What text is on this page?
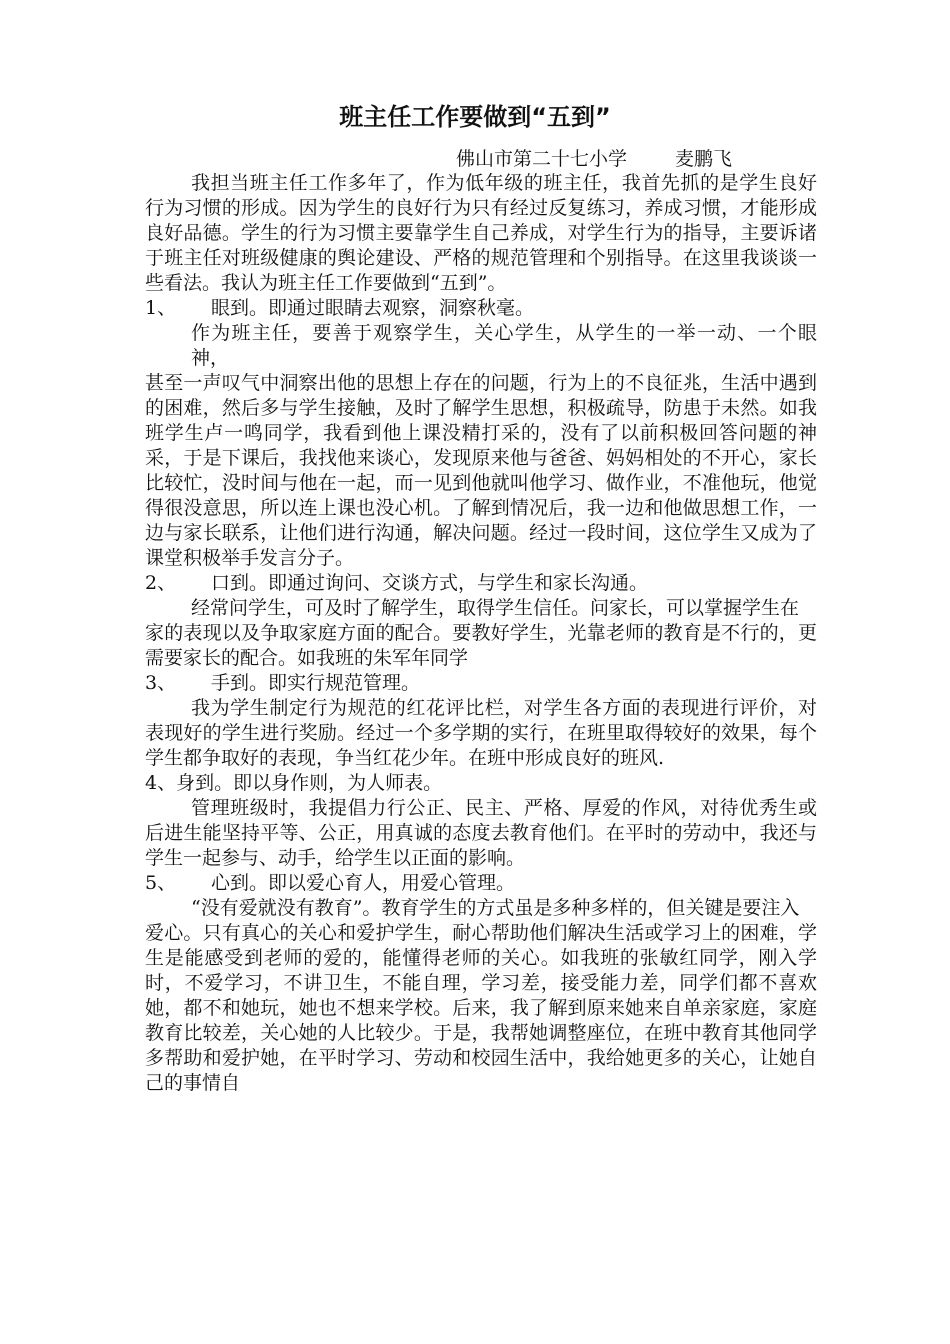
班主任工作要做到“五到”
佛山市第二十七小学	麦鹏飞

我担当班主任工作多年了，作为低年级的班主任，我首先抓的是学生良好行为习惯的形成。因为学生的良好行为只有经过反复练习，养成习惯，才能形成良好品德。学生的行为习惯主要靠学生自己养成，对学生行为的指导，主要诉诸于班主任对班级健康的舆论建设、严格的规范管理和个别指导。在这里我谈谈一些看法。我认为班主任工作要做到“五到”。

1、 眼到。即通过眼睛去观察，洞察秋毫。

作为班主任，要善于观察学生，关心学生，从学生的一举一动、一个眼神，

甚至一声叹气中洞察出他的思想上存在的问题，行为上的不良征兆，生活中遇到的困难，然后多与学生接触，及时了解学生思想，积极疏导，防患于未然。如我班学生卢一鸣同学，我看到他上课没精打采的，没有了以前积极回答问题的神采，于是下课后，我找他来谈心，发现原来他与爸爸、妈妈相处的不开心，家长比较忙，没时间与他在一起，而一见到他就叫他学习、做作业，不准他玩，他觉得很没意思，所以连上课也没心机。了解到情况后，我一边和他做思想工作，一边与家长联系，让他们进行沟通，解决问题。经过一段时间，这位学生又成为了课堂积极举手发言分子。

2、 口到。即通过询问、交谈方式，与学生和家长沟通。

经常问学生，可及时了解学生，取得学生信任。问家长，可以掌握学生在

家的表现以及争取家庭方面的配合。要教好学生，光靠老师的教育是不行的，更需要家长的配合。如我班的朱军年同学

3、 手到。即实行规范管理。

我为学生制定行为规范的红花评比栏，对学生各方面的表现进行评价，对表现好的学生进行奖励。经过一个多学期的实行，在班里取得较好的效果，每个学生都争取好的表现，争当红花少年。在班中形成良好的班风.

4、身到。即以身作则，为人师表。

管理班级时，我提倡力行公正、民主、严格、厚爱的作风，对待优秀生或后进生能坚持平等、公正，用真诚的态度去教育他们。在平时的劳动中，我还与学生一起参与、动手，给学生以正面的影响。

5、 心到。即以爱心育人，用爱心管理。

“没有爱就没有教育”。教育学生的方式虽是多种多样的，但关键是要注入

爱心。只有真心的关心和爱护学生，耐心帮助他们解决生活或学习上的困难，学生是能感受到老师的爱的，能懂得老师的关心。如我班的张敏红同学，刚入学时，不爱学习，不讲卫生，不能自理，学习差，接受能力差，同学们都不喜欢她，都不和她玩，她也不想来学校。后来，我了解到原来她来自单亲家庭，家庭教育比较差，关心她的人比较少。于是，我帮她调整座位，在班中教育其他同学多帮助和爱护她，在平时学习、劳动和校园生活中，我给她更多的关心，让她自己的事情自
